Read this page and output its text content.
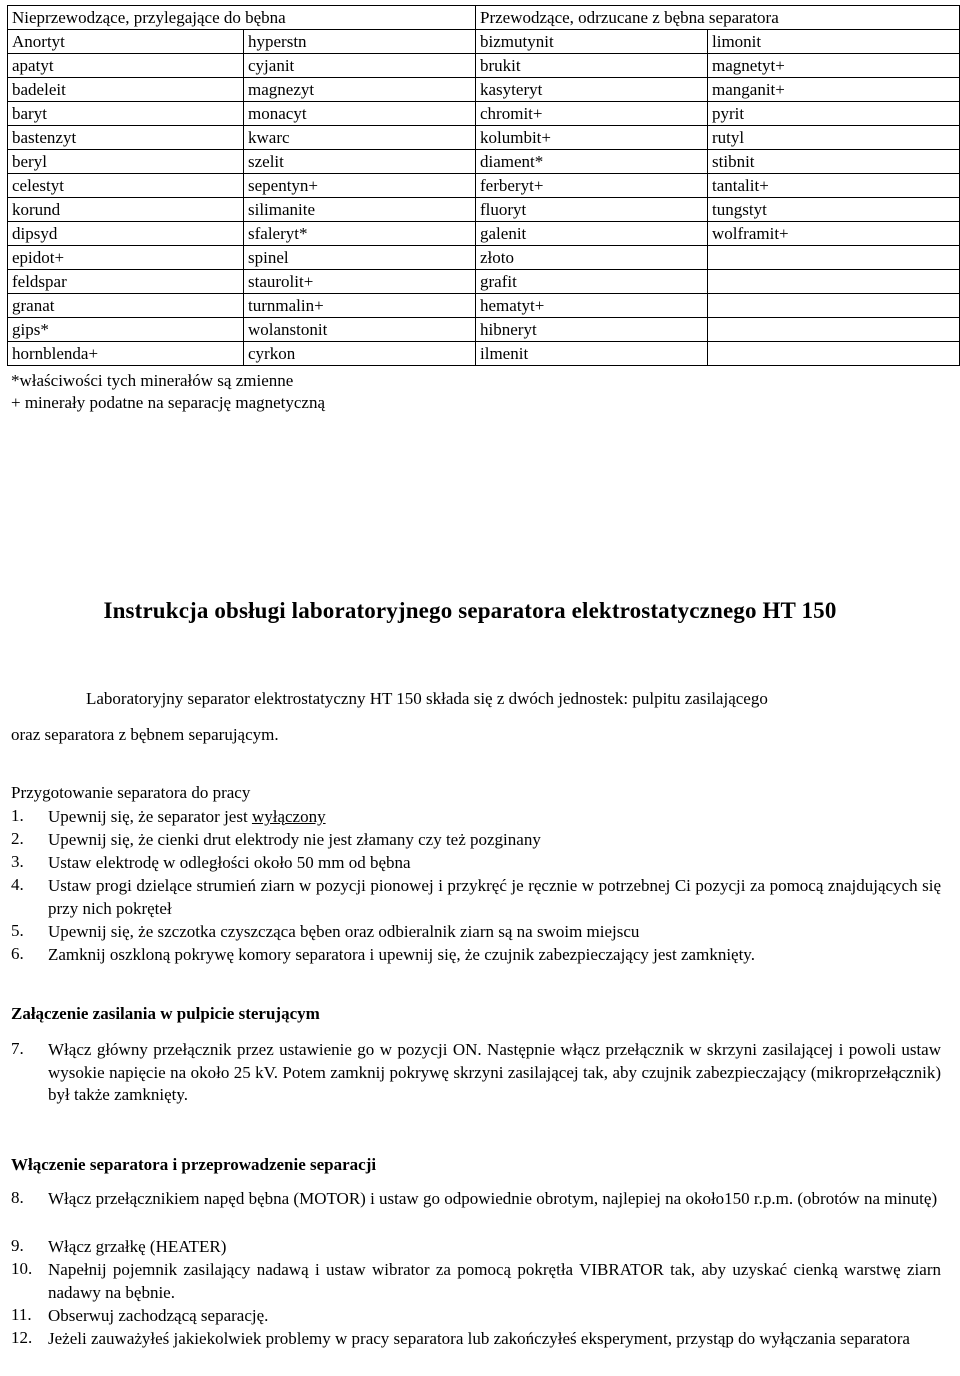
Nieprzewodzące, przylegające do bębna		Przewodzące, odrzucane z bębna separatora	
Anortyt	hyperstn	bizmutynit	limonit
apatyt	cyjanit	brukit	magnetyt+
badeleit	magnezyt	kasyteryt	manganit+
baryt	monacyt	chromit+	pyrit
bastenzyt	kwarc	kolumbit+	rutyl
beryl	szelit	diament*	stibnit
celestyt	sepentyn+	ferberyt+	tantalit+
korund	silimanite	fluoryt	tungstyt
dipsyd	sfaleryt*	galenit	wolframit+
epidot+	spinel	złoto	
feldspar	staurolit+	grafit	
granat	turnmalin+	hematyt+	
gips*	wolanstonit	hibneryt	
hornblenda+	cyrkon	ilmenit	
*właściwości tych minerałów są zmienne
+ minerały podatne na separację magnetyczną
Instrukcja obsługi laboratoryjnego separatora elektrostatycznego HT 150
Laboratoryjny separator elektrostatyczny HT 150 składa się z dwóch jednostek: pulpitu zasilającego
oraz separatora z bębnem separującym.
Przygotowanie separatora do pracy
1. Upewnij się, że separator jest wyłączony
2. Upewnij się, że cienki drut elektrody nie jest złamany czy też pozginany
3. Ustaw elektrodę w odległości około 50 mm od bębna
4. Ustaw progi dzielące strumień ziarn w pozycji pionowej i przykręć je ręcznie w potrzebnej Ci pozycji za pomocą znajdujących się przy nich pokręteł
5. Upewnij się, że szczotka czyszcząca bęben oraz odbieralnik ziarn są na swoim miejscu
6. Zamknij oszkloną pokrywę komory separatora i upewnij się, że czujnik zabezpieczający jest zamknięty.
Załączenie zasilania w pulpicie sterującym
7. Włącz główny przełącznik przez ustawienie go w pozycji ON. Następnie włącz przełącznik w skrzyni zasilającej i powoli ustaw wysokie napięcie na około 25 kV. Potem zamknij pokrywę skrzyni zasilającej tak, aby czujnik zabezpieczający (mikroprzełącznik) był także zamknięty.
Włączenie separatora i przeprowadzenie separacji
8. Włącz przełącznikiem napęd bębna (MOTOR) i ustaw go odpowiednie obrotym, najlepiej na około150 r.p.m. (obrotów na minutę)
9. Włącz grzałkę (HEATER)
10. Napełnij pojemnik zasilający nadawą i ustaw wibrator za pomocą pokrętła VIBRATOR tak, aby uzyskać cienką warstwę ziarn nadawy na bębnie.
11. Obserwuj zachodzącą separację.
12. Jeżeli zauważyłeś jakiekolwiek problemy w pracy separatora lub zakończyłeś eksperyment, przystąp do wyłączania separatora
